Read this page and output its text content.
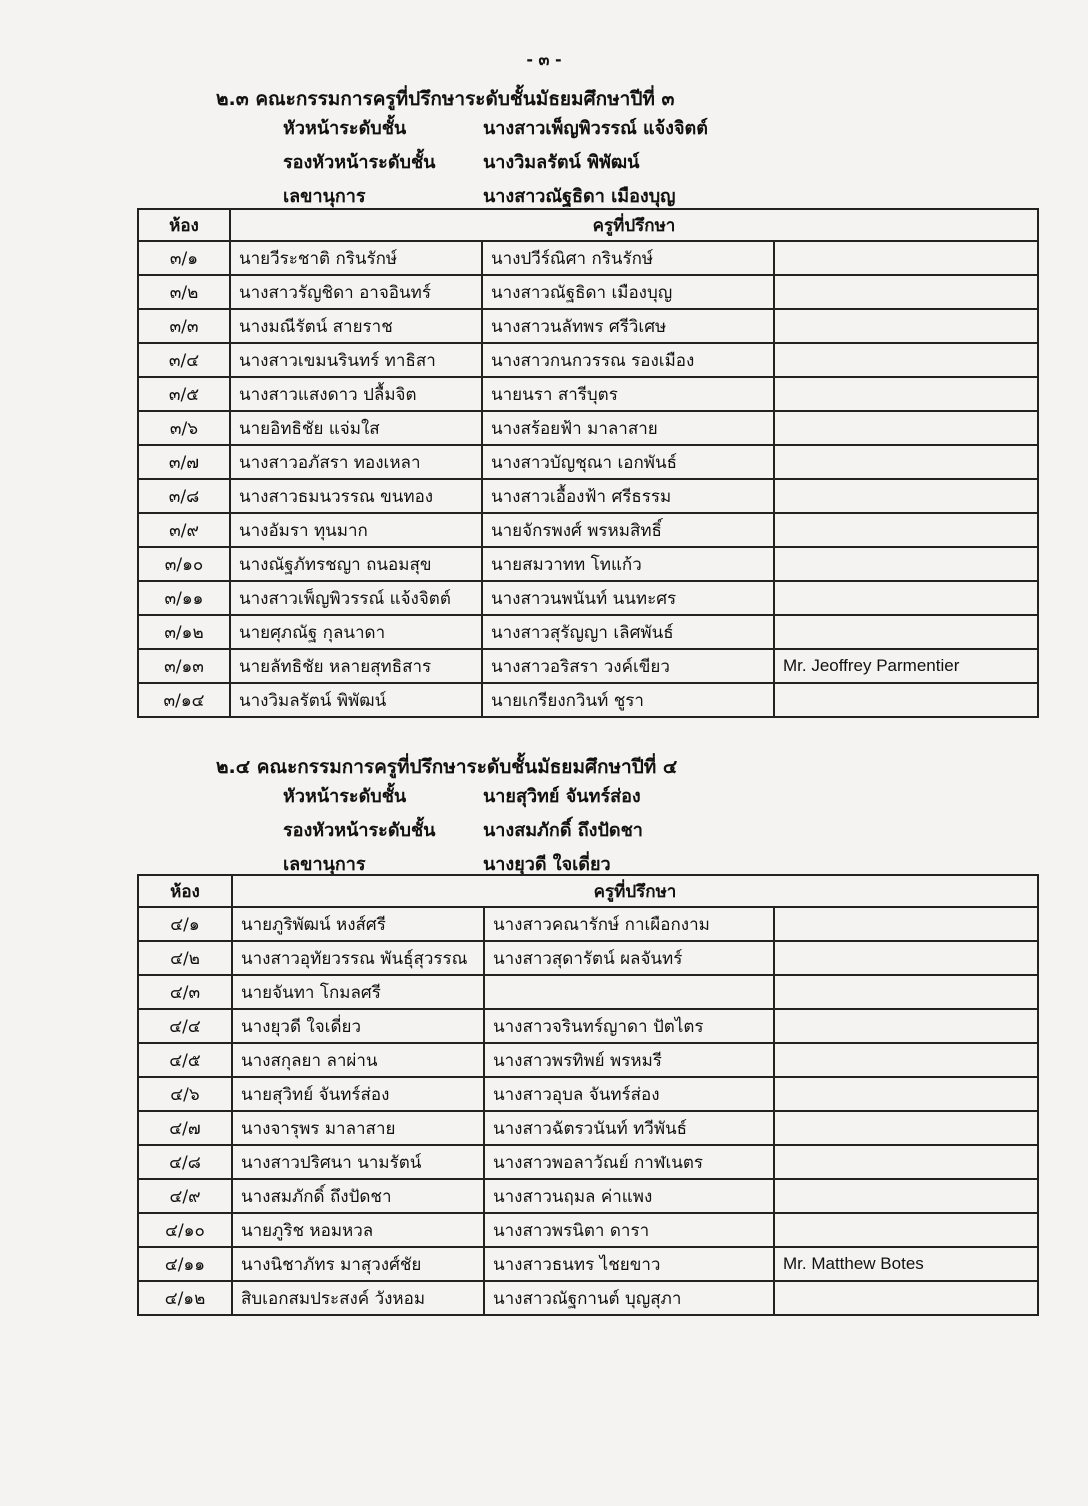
- ๓ -
๒.๓ คณะกรรมการครูที่ปรึกษาระดับชั้นมัธยมศึกษาปีที่ ๓
หัวหน้าระดับชั้น	นางสาวเพ็ญพิวรรณ์ แจ้งจิตต์
รองหัวหน้าระดับชั้น	นางวิมลรัตน์ พิพัฒน์
เลขานุการ	นางสาวณัฐธิดา เมืองบุญ
ห้อง	ครูที่ปรึกษา		
๓/๑	นายวีระชาติ กรินรักษ์	นางปวีร์ณิศา กรินรักษ์	
๓/๒	นางสาวรัญชิดา อาจอินทร์	นางสาวณัฐธิดา เมืองบุญ	
๓/๓	นางมณีรัตน์ สายราช	นางสาวนลัทพร ศรีวิเศษ	
๓/๔	นางสาวเขมนรินทร์ ทาธิสา	นางสาวกนกวรรณ รองเมือง	
๓/๕	นางสาวแสงดาว ปลื้มจิต	นายนรา สารีบุตร	
๓/๖	นายอิทธิชัย แจ่มใส	นางสร้อยฟ้า มาลาสาย	
๓/๗	นางสาวอภัสรา ทองเหลา	นางสาวบัญชุณา เอกพันธ์	
๓/๘	นางสาวธมนวรรณ ขนทอง	นางสาวเอื้องฟ้า ศรีธรรม	
๓/๙	นางอัมรา ทุนมาก	นายจักรพงศ์ พรหมสิทธิ์	
๓/๑๐	นางณัฐภัทรชญา ถนอมสุข	นายสมวาทท โทแก้ว	
๓/๑๑	นางสาวเพ็ญพิวรรณ์ แจ้งจิตต์	นางสาวนพนันท์ นนทะศร	
๓/๑๒	นายศุภณัฐ กุลนาดา	นางสาวสุรัญญา เลิศพันธ์	
๓/๑๓	นายลัทธิชัย หลายสุทธิสาร	นางสาวอริสรา วงค์เขียว	Mr. Jeoffrey Parmentier
๓/๑๔	นางวิมลรัตน์ พิพัฒน์	นายเกรียงกวินท์ ชูรา	
๒.๔ คณะกรรมการครูที่ปรึกษาระดับชั้นมัธยมศึกษาปีที่ ๔
หัวหน้าระดับชั้น	นายสุวิทย์ จันทร์ส่อง
รองหัวหน้าระดับชั้น	นางสมภักดิ์ ถึงปัดชา
เลขานุการ	นางยุวดี ใจเดี่ยว
ห้อง	ครูที่ปรึกษา		
๔/๑	นายภูริพัฒน์ หงส์ศรี	นางสาวคณารักษ์ กาเผือกงาม	
๔/๒	นางสาวอุทัยวรรณ พันธุ์สุวรรณ	นางสาวสุดารัตน์ ผลจันทร์	
๔/๓	นายจันทา โกมลศรี		
๔/๔	นางยุวดี ใจเดี่ยว	นางสาวจรินทร์ญาดา ปัตไตร	
๔/๕	นางสกุลยา ลาผ่าน	นางสาวพรทิพย์ พรหมรี	
๔/๖	นายสุวิทย์ จันทร์ส่อง	นางสาวอุบล จันทร์ส่อง	
๔/๗	นางจารุพร มาลาสาย	นางสาวฉัตรวนันท์ ทวีพันธ์	
๔/๘	นางสาวปริศนา นามรัตน์	นางสาวพอลาวัณย์ กาฬเนตร	
๔/๙	นางสมภักดิ์ ถึงปัดชา	นางสาวนฤมล ค่าแพง	
๔/๑๐	นายภูริช หอมหวล	นางสาวพรนิตา ดารา	
๔/๑๑	นางนิชาภัทร มาสุวงศ์ชัย	นางสาวธนทร ไชยขาว	Mr. Matthew Botes
๔/๑๒	สิบเอกสมประสงค์ วังหอม	นางสาวณัฐกานต์ บุญสุภา	
